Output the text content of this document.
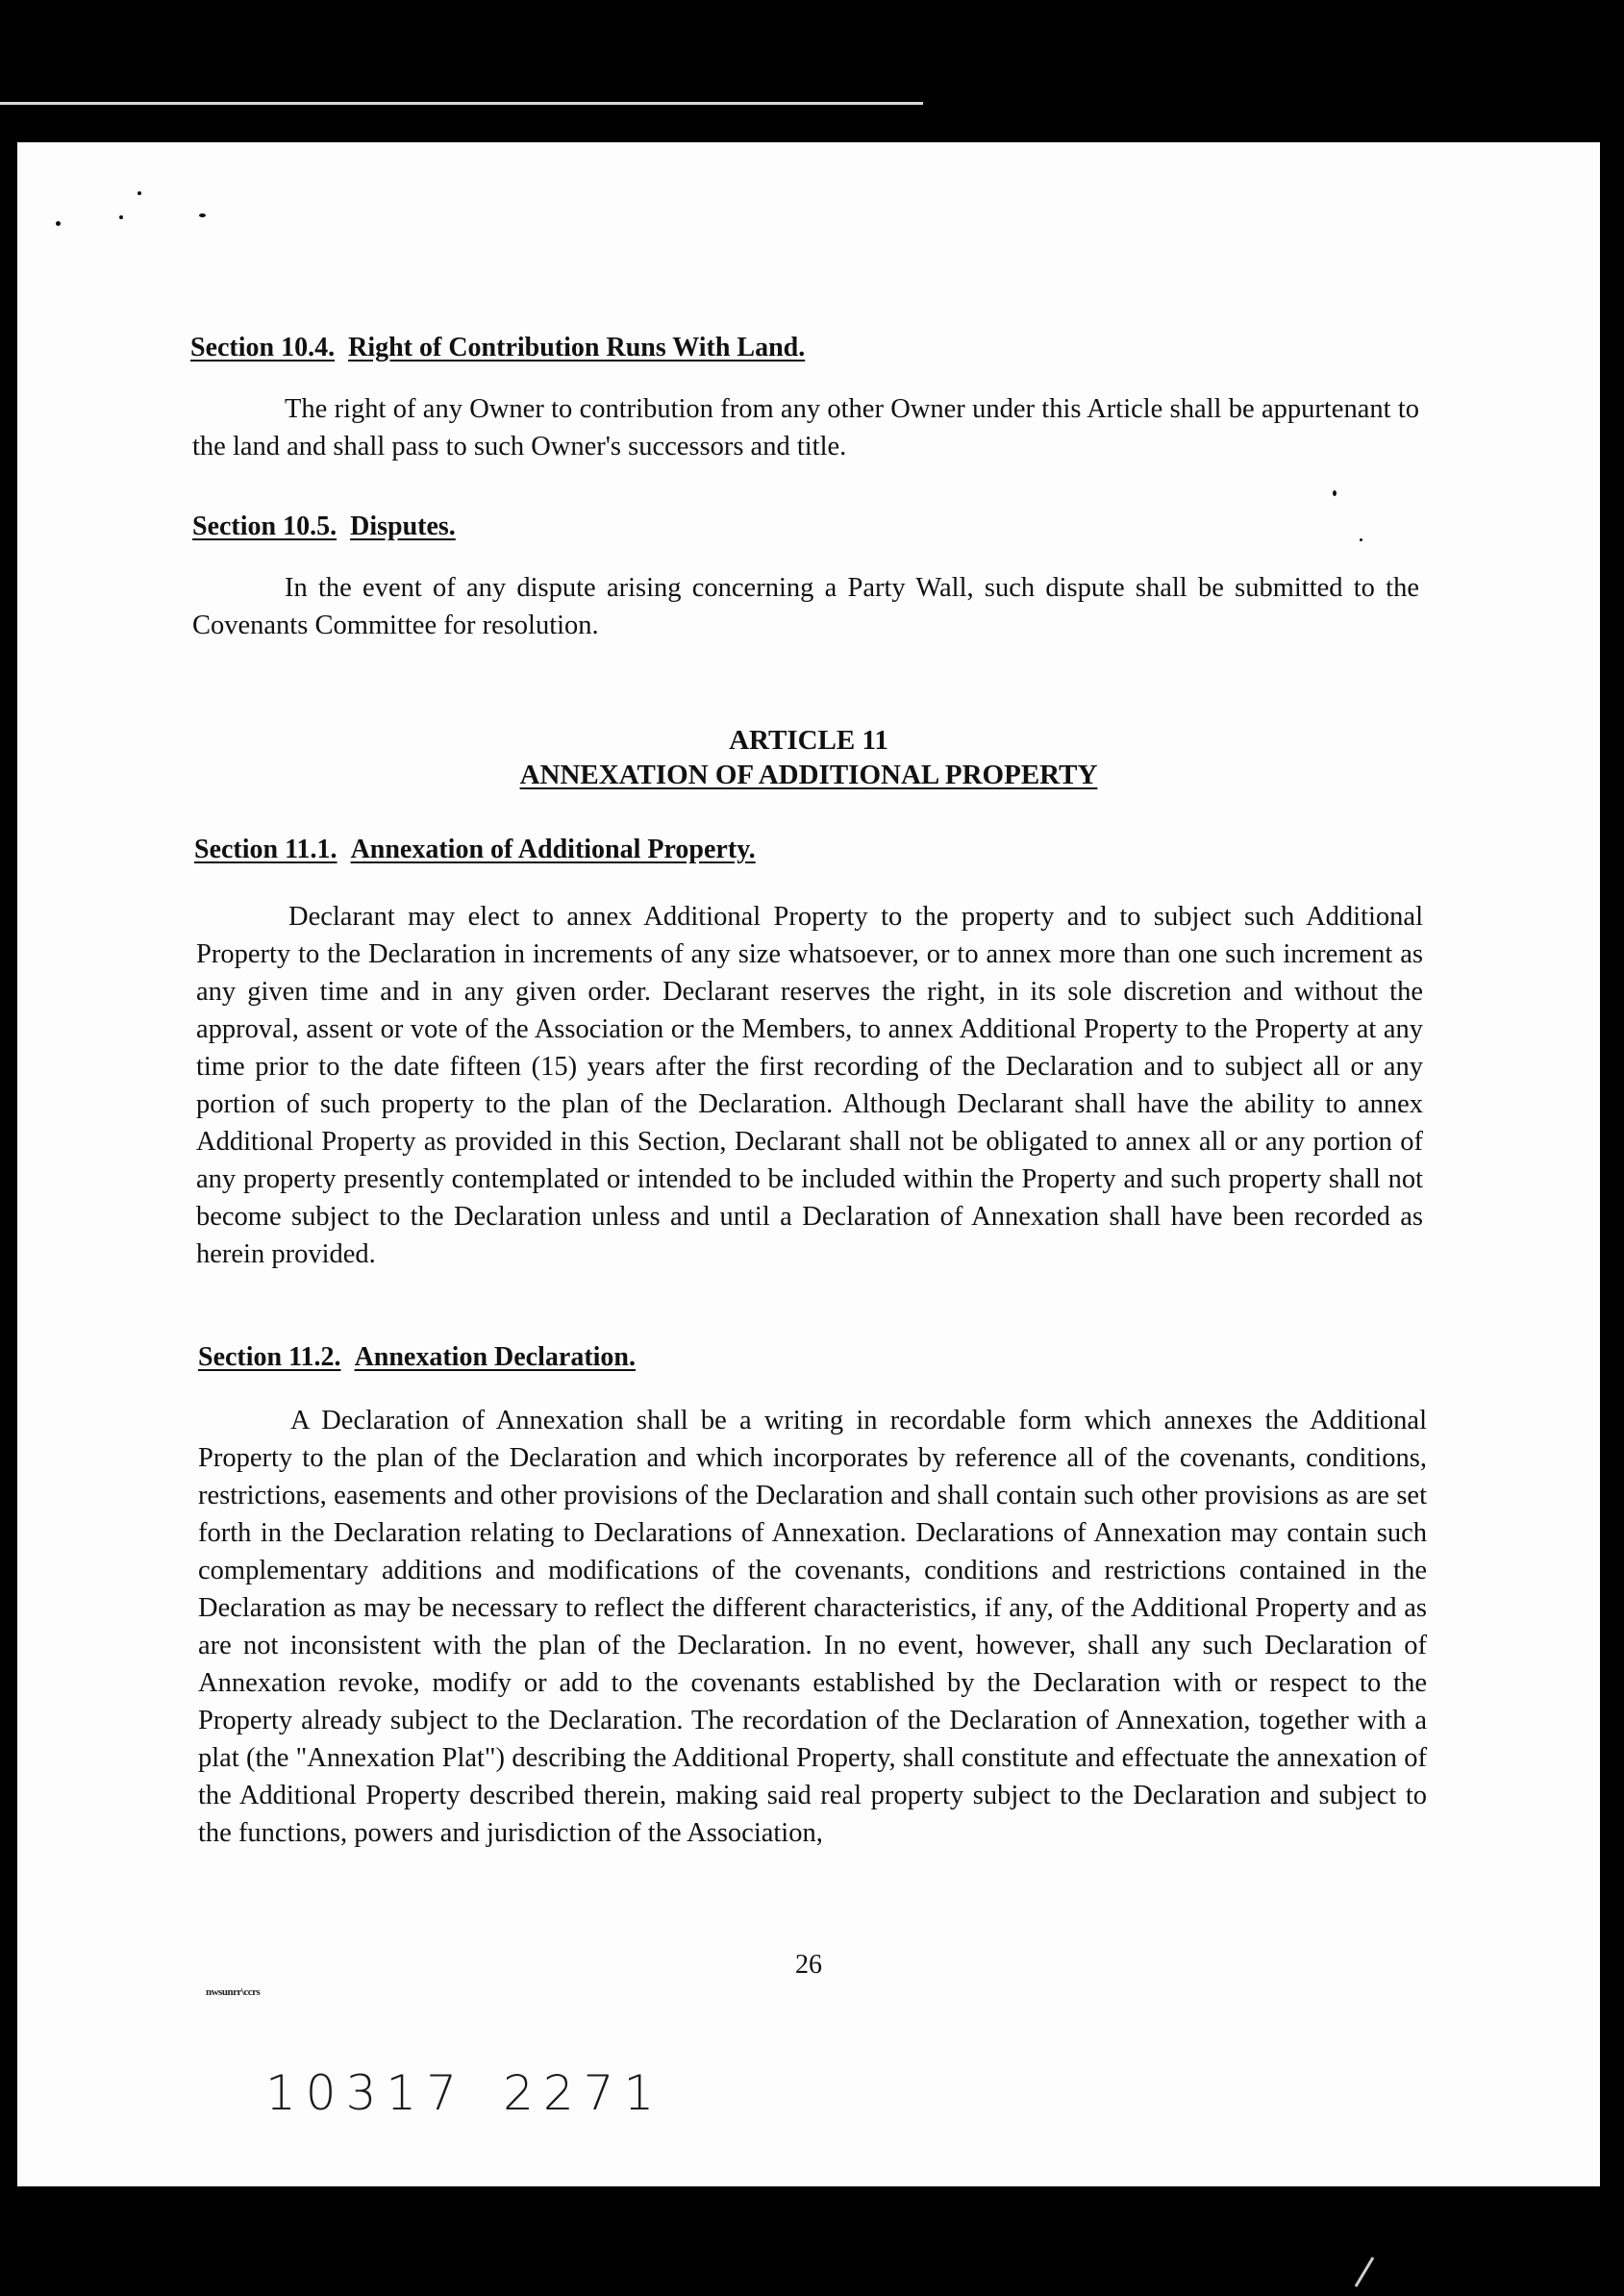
Section 10.4. Right of Contribution Runs With Land.

The right of any Owner to contribution from any other Owner under this Article shall be appurtenant to the land and shall pass to such Owner's successors and title.

Section 10.5. Disputes.

In the event of any dispute arising concerning a Party Wall, such dispute shall be submitted to the Covenants Committee for resolution.

ARTICLE 11

ANNEXATION OF ADDITIONAL PROPERTY

Section 11.1. Annexation of Additional Property.

Declarant may elect to annex Additional Property to the property and to subject such Additional Property to the Declaration in increments of any size whatsoever, or to annex more than one such increment as any given time and in any given order. Declarant reserves the right, in its sole discretion and without the approval, assent or vote of the Association or the Members, to annex Additional Property to the Property at any time prior to the date fifteen (15) years after the first recording of the Declaration and to subject all or any portion of such property to the plan of the Declaration. Although Declarant shall have the ability to annex Additional Property as provided in this Section, Declarant shall not be obligated to annex all or any portion of any property presently contemplated or intended to be included within the Property and such property shall not become subject to the Declaration unless and until a Declaration of Annexation shall have been recorded as herein provided.

Section 11.2. Annexation Declaration.

A Declaration of Annexation shall be a writing in recordable form which annexes the Additional Property to the plan of the Declaration and which incorporates by reference all of the covenants, conditions, restrictions, easements and other provisions of the Declaration and shall contain such other provisions as are set forth in the Declaration relating to Declarations of Annexation. Declarations of Annexation may contain such complementary additions and modifications of the covenants, conditions and restrictions contained in the Declaration as may be necessary to reflect the different characteristics, if any, of the Additional Property and as are not inconsistent with the plan of the Declaration. In no event, however, shall any such Declaration of Annexation revoke, modify or add to the covenants established by the Declaration with or respect to the Property already subject to the Declaration. The recordation of the Declaration of Annexation, together with a plat (the "Annexation Plat") describing the Additional Property, shall constitute and effectuate the annexation of the Additional Property described therein, making said real property subject to the Declaration and subject to the functions, powers and jurisdiction of the Association,

26

nwsunrr\ccrs

10317 2271
